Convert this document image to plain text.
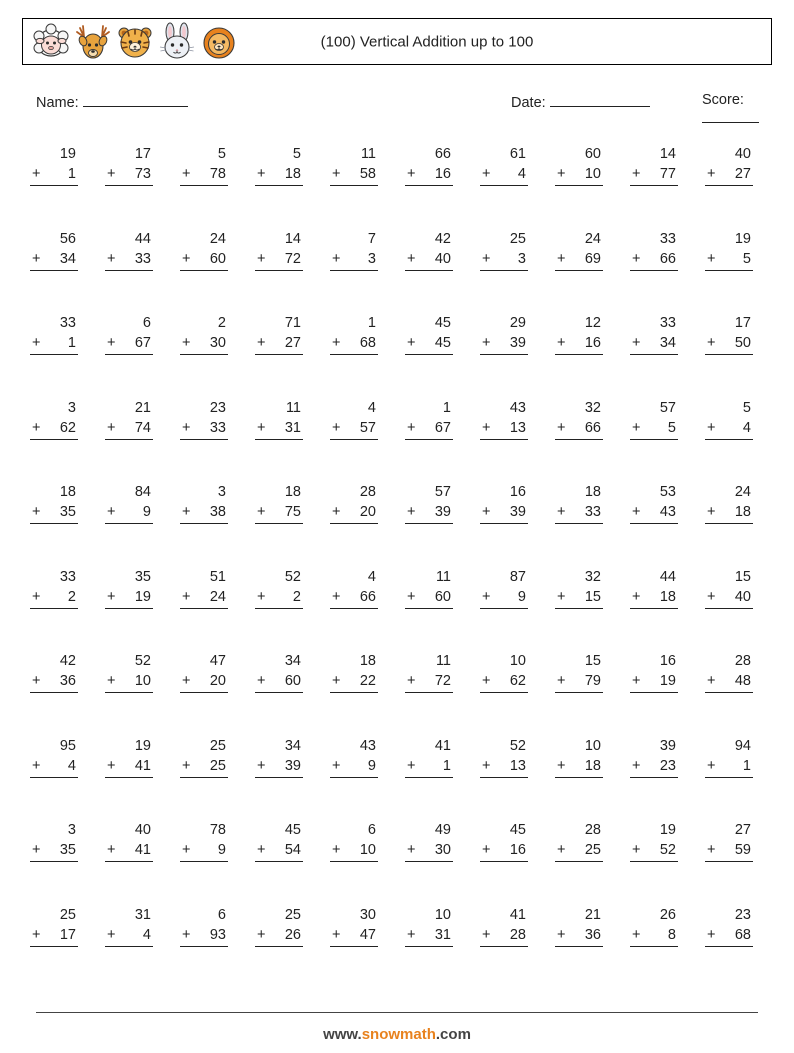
(100) Vertical Addition up to 100
Name:	Date:	Score:
19
+ 1
17
+ 73
5
+ 78
5
+ 18
11
+ 58
66
+ 16
61
+ 4
60
+ 10
14
+ 77
40
+ 27
56
+ 34
44
+ 33
24
+ 60
14
+ 72
7
+ 3
42
+ 40
25
+ 3
24
+ 69
33
+ 66
19
+ 5
33
+ 1
6
+ 67
2
+ 30
71
+ 27
1
+ 68
45
+ 45
29
+ 39
12
+ 16
33
+ 34
17
+ 50
3
+ 62
21
+ 74
23
+ 33
11
+ 31
4
+ 57
1
+ 67
43
+ 13
32
+ 66
57
+ 5
5
+ 4
18
+ 35
84
+ 9
3
+ 38
18
+ 75
28
+ 20
57
+ 39
16
+ 39
18
+ 33
53
+ 43
24
+ 18
33
+ 2
35
+ 19
51
+ 24
52
+ 2
4
+ 66
11
+ 60
87
+ 9
32
+ 15
44
+ 18
15
+ 40
42
+ 36
52
+ 10
47
+ 20
34
+ 60
18
+ 22
11
+ 72
10
+ 62
15
+ 79
16
+ 19
28
+ 48
95
+ 4
19
+ 41
25
+ 25
34
+ 39
43
+ 9
41
+ 1
52
+ 13
10
+ 18
39
+ 23
94
+ 1
3
+ 35
40
+ 41
78
+ 9
45
+ 54
6
+ 10
49
+ 30
45
+ 16
28
+ 25
19
+ 52
27
+ 59
25
+ 17
31
+ 4
6
+ 93
25
+ 26
30
+ 47
10
+ 31
41
+ 28
21
+ 36
26
+ 8
23
+ 68
www.snowmath.com
